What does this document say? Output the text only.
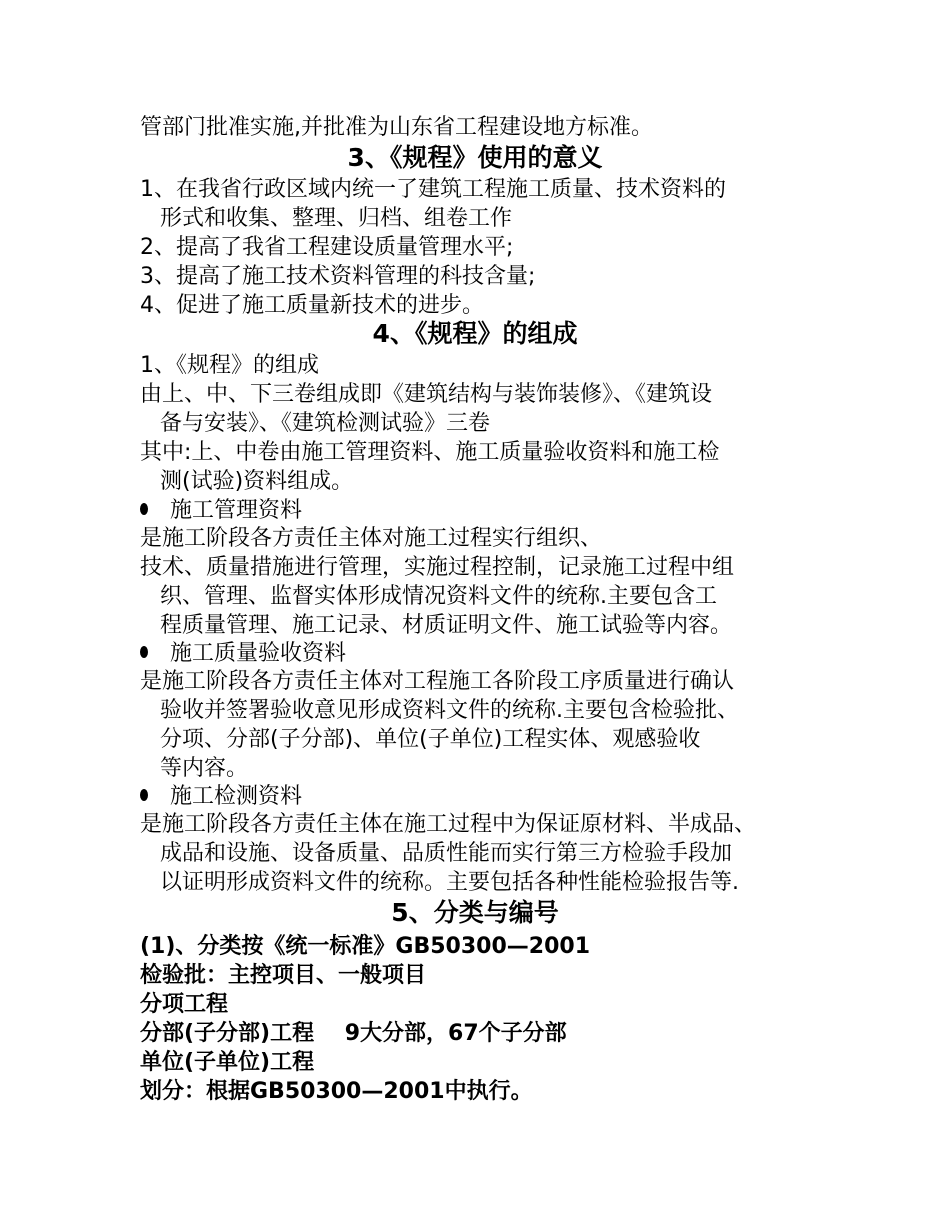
管部门批准实施,并批准为山东省工程建设地方标准。
3、《规程》使用的意义
1、在我省行政区域内统一了建筑工程施工质量、技术资料的
形式和收集、整理、归档、组卷工作
2、提高了我省工程建设质量管理水平;
3、提高了施工技术资料管理的科技含量;
4、促进了施工质量新技术的进步。
4、《规程》的组成
1、《规程》的组成
由上、中、下三卷组成即《建筑结构与装饰装修》、《建筑设
备与安装》、《建筑检测试验》三卷
其中:上、中卷由施工管理资料、施工质量验收资料和施工检
测(试验)资料组成。
施工管理资料
是施工阶段各方责任主体对施工过程实行组织、
技术、质量措施进行管理，实施过程控制，记录施工过程中组
织、管理、监督实体形成情况资料文件的统称.主要包含工
程质量管理、施工记录、材质证明文件、施工试验等内容。
施工质量验收资料
是施工阶段各方责任主体对工程施工各阶段工序质量进行确认
验收并签署验收意见形成资料文件的统称.主要包含检验批、
分项、分部(子分部)、单位(子单位)工程实体、观感验收
等内容。
施工检测资料
是施工阶段各方责任主体在施工过程中为保证原材料、半成品、
成品和设施、设备质量、品质性能而实行第三方检验手段加
以证明形成资料文件的统称。主要包括各种性能检验报告等.
5、分类与编号
(1)、分类按《统一标准》GB50300—2001
检验批：主控项目、一般项目
分项工程
分部(子分部)工程    9大分部，67个子分部
单位(子单位)工程
划分：根据GB50300—2001中执行。
